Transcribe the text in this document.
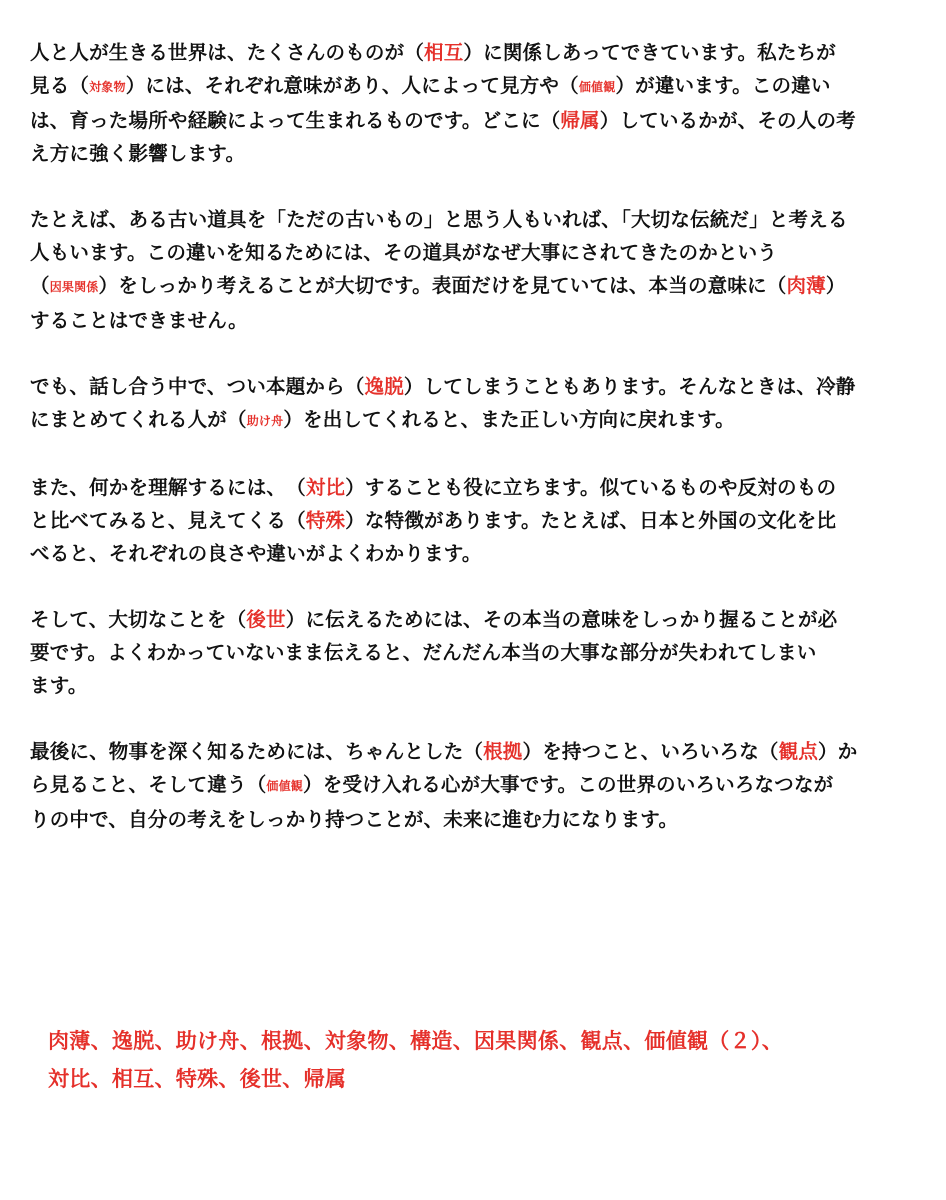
人と人が生きる世界は、たくさんのものが（相互）に関係しあってできています。私たちが
見る（対象物）には、それぞれ意味があり、人によって見方や（価値観）が違います。この違い
は、育った場所や経験によって生まれるものです。どこに（帰属）しているかが、その人の考
え方に強く影響します。

たとえば、ある古い道具を「ただの古いもの」と思う人もいれば、「大切な伝統だ」と考える
人もいます。この違いを知るためには、その道具がなぜ大事にされてきたのかという
（因果関係）をしっかり考えることが大切です。表面だけを見ていては、本当の意味に（肉薄）
することはできません。

でも、話し合う中で、つい本題から（逸脱）してしまうこともあります。そんなときは、冷静
にまとめてくれる人が（助け舟）を出してくれると、また正しい方向に戻れます。

また、何かを理解するには、（対比）することも役に立ちます。似ているものや反対のもの
と比べてみると、見えてくる（特殊）な特徴があります。たとえば、日本と外国の文化を比
べると、それぞれの良さや違いがよくわかります。

そして、大切なことを（後世）に伝えるためには、その本当の意味をしっかり握ることが必
要です。よくわかっていないまま伝えると、だんだん本当の大事な部分が失われてしまい
ます。

最後に、物事を深く知るためには、ちゃんとした（根拠）を持つこと、いろいろな（観点）か
ら見ること、そして違う（価値観）を受け入れる心が大事です。この世界のいろいろなつなが
りの中で、自分の考えをしっかり持つことが、未来に進む力になります。

肉薄、逸脱、助け舟、根拠、対象物、構造、因果関係、観点、価値観（２）、
対比、相互、特殊、後世、帰属
